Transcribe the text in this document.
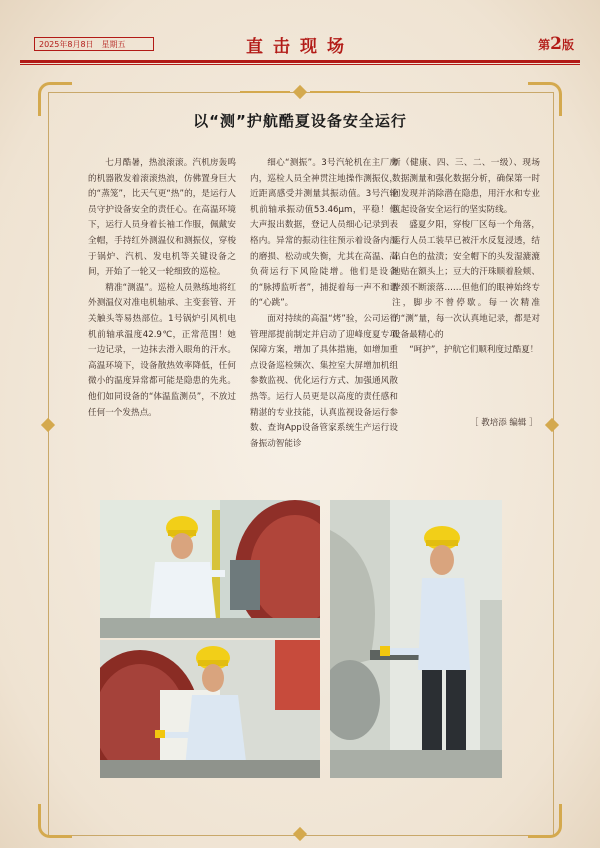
2025年8月8日　星期五	直击现场	第2版
以“测”护航酷夏设备安全运行

七月酷暑，热浪滚滚。汽机房轰鸣的机器散发着滚滚热浪，仿佛置身巨大的“蒸笼”，比天气更“热”的，是运行人员守护设备安全的责任心。在高温环境下，运行人员身着长袖工作服，佩戴安全帽，手持红外测温仪和测振仪，穿梭于锅炉、汽机、发电机等关键设备之间，开始了一轮又一轮细致的巡检。

精准“测温”。巡检人员熟练地将红外测温仪对准电机轴承、主变套管、开关触头等易热部位。1号锅炉引风机电机前轴承温度42.9℃，正常范围！她一边记录，一边抹去滑入眼角的汗水。高温环境下，设备散热效率降低，任何微小的温度异常都可能是隐患的先兆。他们如同设备的“体温监测员”，不放过任何一个发热点。

细心“测振”。3号汽轮机在主厂房内，巡检人员全神贯注地操作测振仪，近距离感受并测量其振动值。3号汽轮机前轴承振动值53.46μm，平稳！他大声报出数据，登记人员细心记录到表格内。异常的振动往往预示着设备内部的磨损、松动或失衡，尤其在高温、高负荷运行下风险陡增。他们是设备的“脉搏监听者”，捕捉着每一声不和谐的“心跳”。

面对持续的高温“烤”验，公司运行管理部提前制定并启动了迎峰度夏专项保障方案，增加了具体措施，如增加重点设备巡检频次、集控室大屏增加机组参数监视、优化运行方式、加强通风散热等。运行人员更是以高度的责任感和精湛的专业技能，认真监视设备运行参数、查询App设备管家系统生产运行设备振动智能诊

断（健康、四、三、二、一级）、现场数据测量和强化数据分析，确保第一时间发现并消除潜在隐患，用汗水和专业筑起设备安全运行的坚实防线。

盛夏夕阳，穿梭厂区每一个角落，运行人员工装早已被汗水反复浸透，结出白色的盐渍；安全帽下的头发湿漉漉地贴在额头上；豆大的汗珠顺着脸颊、脖颈不断滚落……但他们的眼神始终专注，脚步不曾停歇。每一次精准的“测”量，每一次认真地记录，都是对设备最精心的

“呵护”，护航它们顺利度过酷夏！

［ 教培添 编辑 ］
